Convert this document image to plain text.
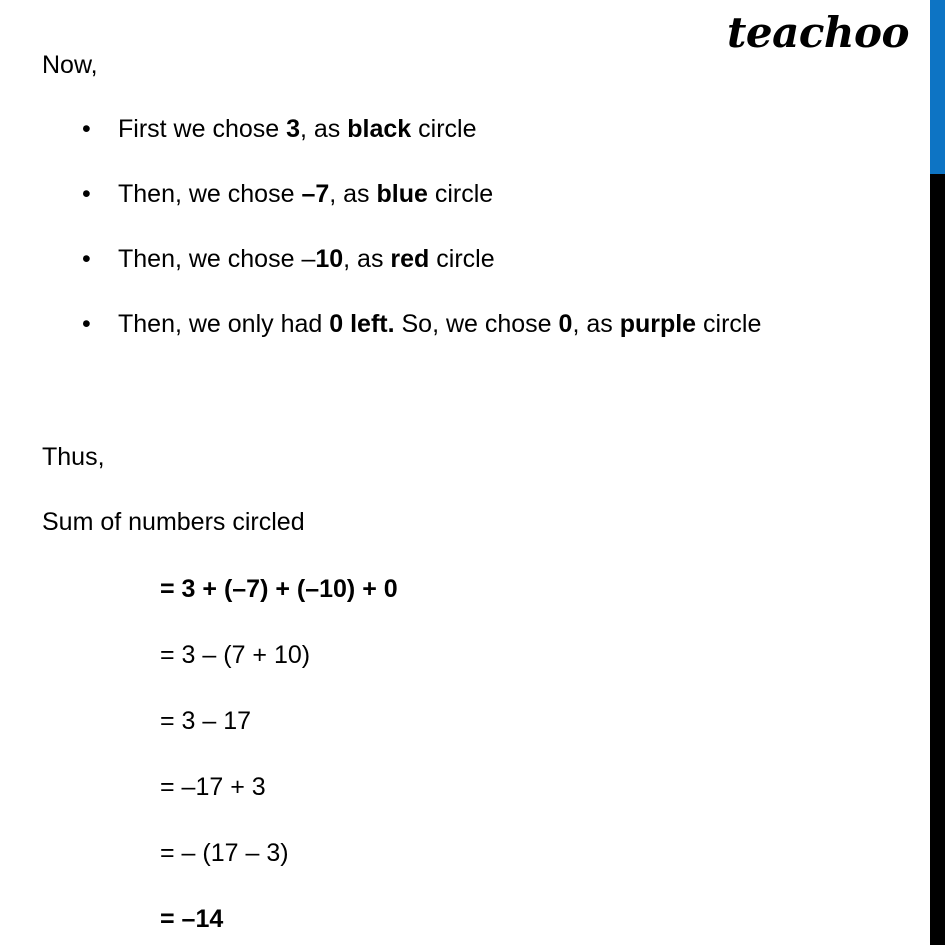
teachoo
Now,
• First we chose 3, as black circle
• Then, we chose –7, as blue circle
• Then, we chose –10, as red circle
• Then, we only had 0 left. So, we chose 0, as purple circle
Thus,
Sum of numbers circled
= 3 + (–7) + (–10) + 0
= 3 – (7 + 10)
= 3 – 17
= –17 + 3
= – (17 – 3)
= –14
